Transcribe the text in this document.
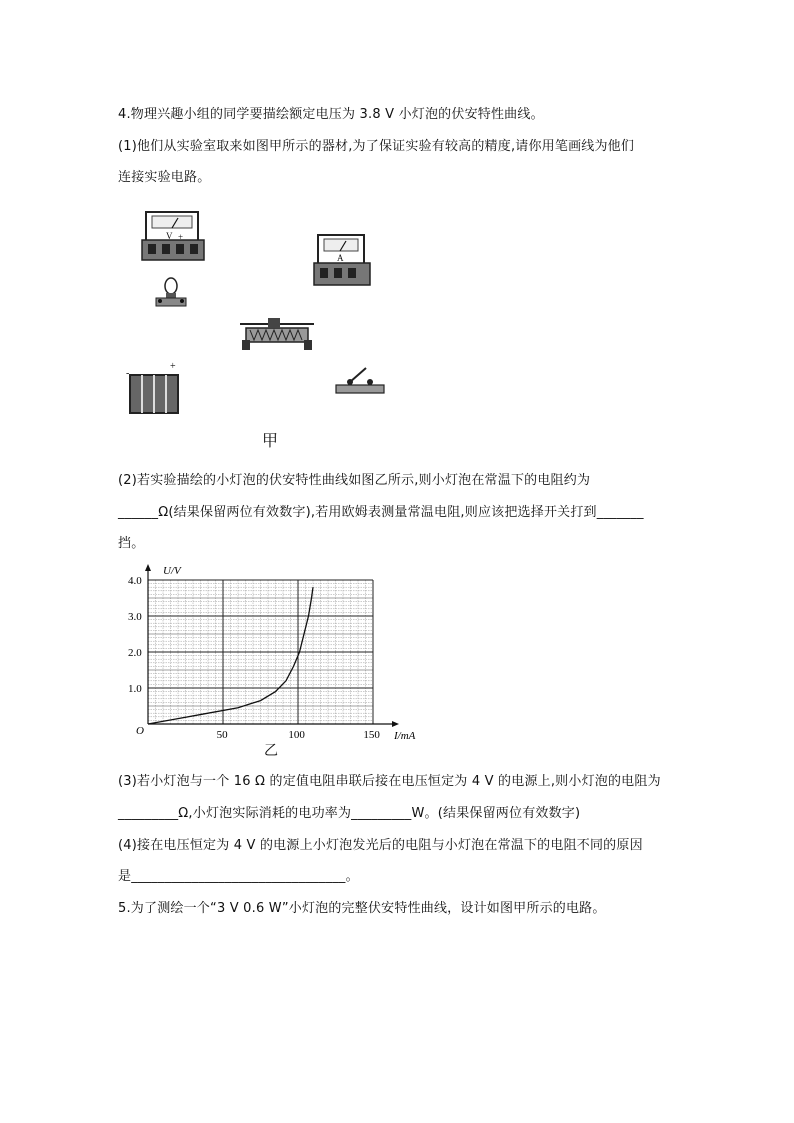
4.物理兴趣小组的同学要描绘额定电压为 3.8 V 小灯泡的伏安特性曲线。
(1)他们从实验室取来如图甲所示的器材,为了保证实验有较高的精度,请你用笔画线为他们
连接实验电路。
V +
A
-
+
甲
(2)若实验描绘的小灯泡的伏安特性曲线如图乙所示,则小灯泡在常温下的电阻约为
______Ω(结果保留两位有效数字),若用欧姆表测量常温电阻,则应该把选择开关打到_______
挡。
50	100	150
1.0
2.0
3.0
4.0
U/V
I/mA
O
乙
(3)若小灯泡与一个 16 Ω 的定值电阻串联后接在电压恒定为 4 V 的电源上,则小灯泡的电阻为
_________Ω,小灯泡实际消耗的电功率为_________W。(结果保留两位有效数字)
(4)接在电压恒定为 4 V 的电源上小灯泡发光后的电阻与小灯泡在常温下的电阻不同的原因
是________________________________。
5.为了测绘一个“3 V 0.6 W”小灯泡的完整伏安特性曲线，设计如图甲所示的电路。
